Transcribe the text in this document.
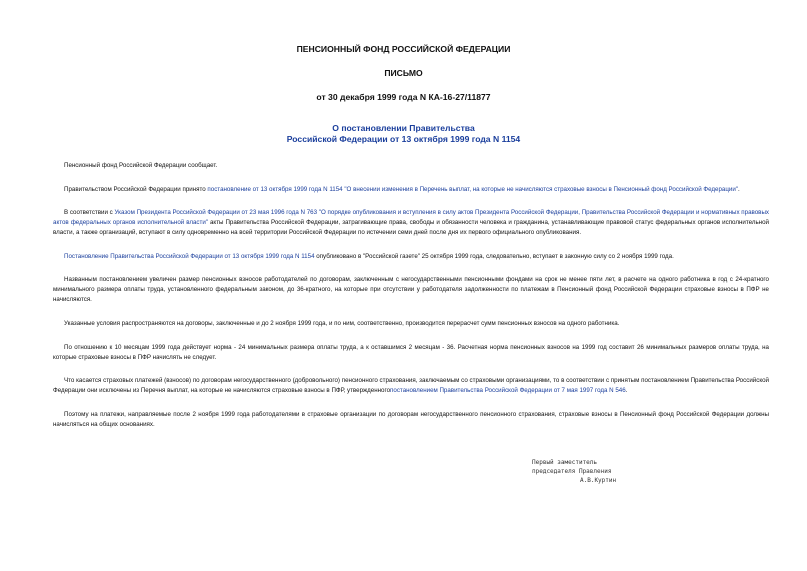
ПЕНСИОННЫЙ ФОНД РОССИЙСКОЙ ФЕДЕРАЦИИ
ПИСЬМО
от 30 декабря 1999 года N КА-16-27/11877
О постановлении Правительства
Российской Федерации от 13 октября 1999 года N 1154

Пенсионный фонд Российской Федерации сообщает.

Правительством Российской Федерации принято постановление от 13 октября 1999 года N 1154 "О внесении изменения в Перечень выплат, на которые не начисляются страховые взносы в Пенсионный фонд Российской Федерации".

В соответствии с Указом Президента Российской Федерации от 23 мая 1996 года N 763 "О порядке опубликования и вступления в силу актов Президента Российской Федерации, Правительства Российской Федерации и нормативных правовых актов федеральных органов исполнительной власти" акты Правительства Российской Федерации, затрагивающие права, свободы и обязанности человека и гражданина, устанавливающие правовой статус федеральных органов исполнительной власти, а также организаций, вступают в силу одновременно на всей территории Российской Федерации по истечении семи дней после дня их первого официального опубликования.

Постановление Правительства Российской Федерации от 13 октября 1999 года N 1154 опубликовано в "Российской газете" 25 октября 1999 года, следовательно, вступает в законную силу со 2 ноября 1999 года.

Названным постановлением увеличен размер пенсионных взносов работодателей по договорам, заключенным с негосударственными пенсионными фондами на срок не менее пяти лет, в расчете на одного работника в год с 24-кратного минимального размера оплаты труда, установленного федеральным законом, до 36-кратного, на которые при отсутствии у работодателя задолженности по платежам в Пенсионный фонд Российской Федерации страховые взносы в ПФР не начисляются.

Указанные условия распространяются на договоры, заключенные и до 2 ноября 1999 года, и по ним, соответственно, производится перерасчет сумм пенсионных взносов на одного работника.

По отношению к 10 месяцам 1999 года действует норма - 24 минимальных размера оплаты труда, а к оставшимся 2 месяцам - 36. Расчетная норма пенсионных взносов на 1999 год составит 26 минимальных размеров оплаты труда, на которые страховые взносы в ПФР начислять не следует.

Что касается страховых платежей (взносов) по договорам негосударственного (добровольного) пенсионного страхования, заключаемым со страховыми организациями, то в соответствии с принятым постановлением Правительства Российской Федерации они исключены из Перечня выплат, на которые не начисляются страховые взносы в ПФР, утвержденногопостановлением Правительства Российской Федерации от 7 мая 1997 года N 546.

Поэтому на платежи, направляемые после 2 ноября 1999 года работодателями в страховые организации по договорам негосударственного пенсионного страхования, страховые взносы в Пенсионный фонд Российской Федерации должны начисляться на общих основаниях.

Первый заместитель
председателя Правления
А.В.Куртин
